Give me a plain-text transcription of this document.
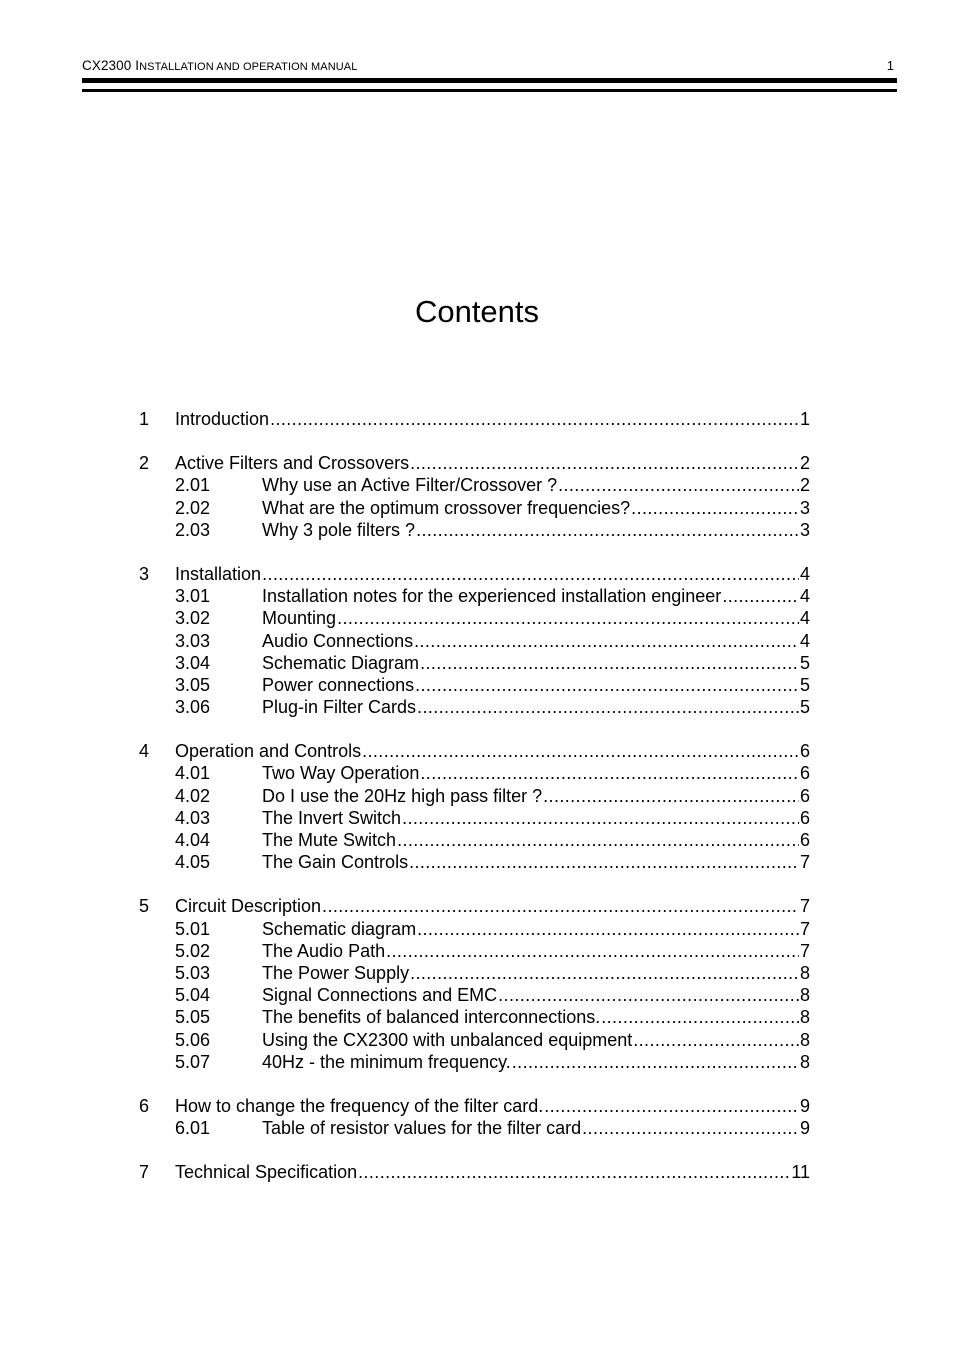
CX2300 INSTALLATION AND OPERATION MANUAL	1
Contents
1	Introduction .....	1
2	Active Filters and Crossovers .....	2
2.01	Why use an Active Filter/Crossover ? .....	2
2.02	What are the optimum crossover frequencies? .....	3
2.03	Why 3 pole filters ? .....	3
3	Installation .....	4
3.01	Installation notes for the experienced installation engineer .....	4
3.02	Mounting .....	4
3.03	Audio Connections .....	4
3.04	Schematic Diagram .....	5
3.05	Power connections .....	5
3.06	Plug-in Filter Cards .....	5
4	Operation and Controls .....	6
4.01	Two Way Operation .....	6
4.02	Do I use the 20Hz high pass filter ? .....	6
4.03	The Invert Switch .....	6
4.04	The Mute Switch .....	6
4.05	The Gain Controls .....	7
5	Circuit Description .....	7
5.01	Schematic diagram .....	7
5.02	The Audio Path .....	7
5.03	The Power Supply .....	8
5.04	Signal Connections and EMC .....	8
5.05	The benefits of balanced interconnections. .....	8
5.06	Using the CX2300 with unbalanced equipment .....	8
5.07	40Hz - the minimum frequency. .....	8
6	How to change the frequency of the filter card. .....	9
6.01	Table of resistor values for the filter card .....	9
7	Technical Specification .....	11
